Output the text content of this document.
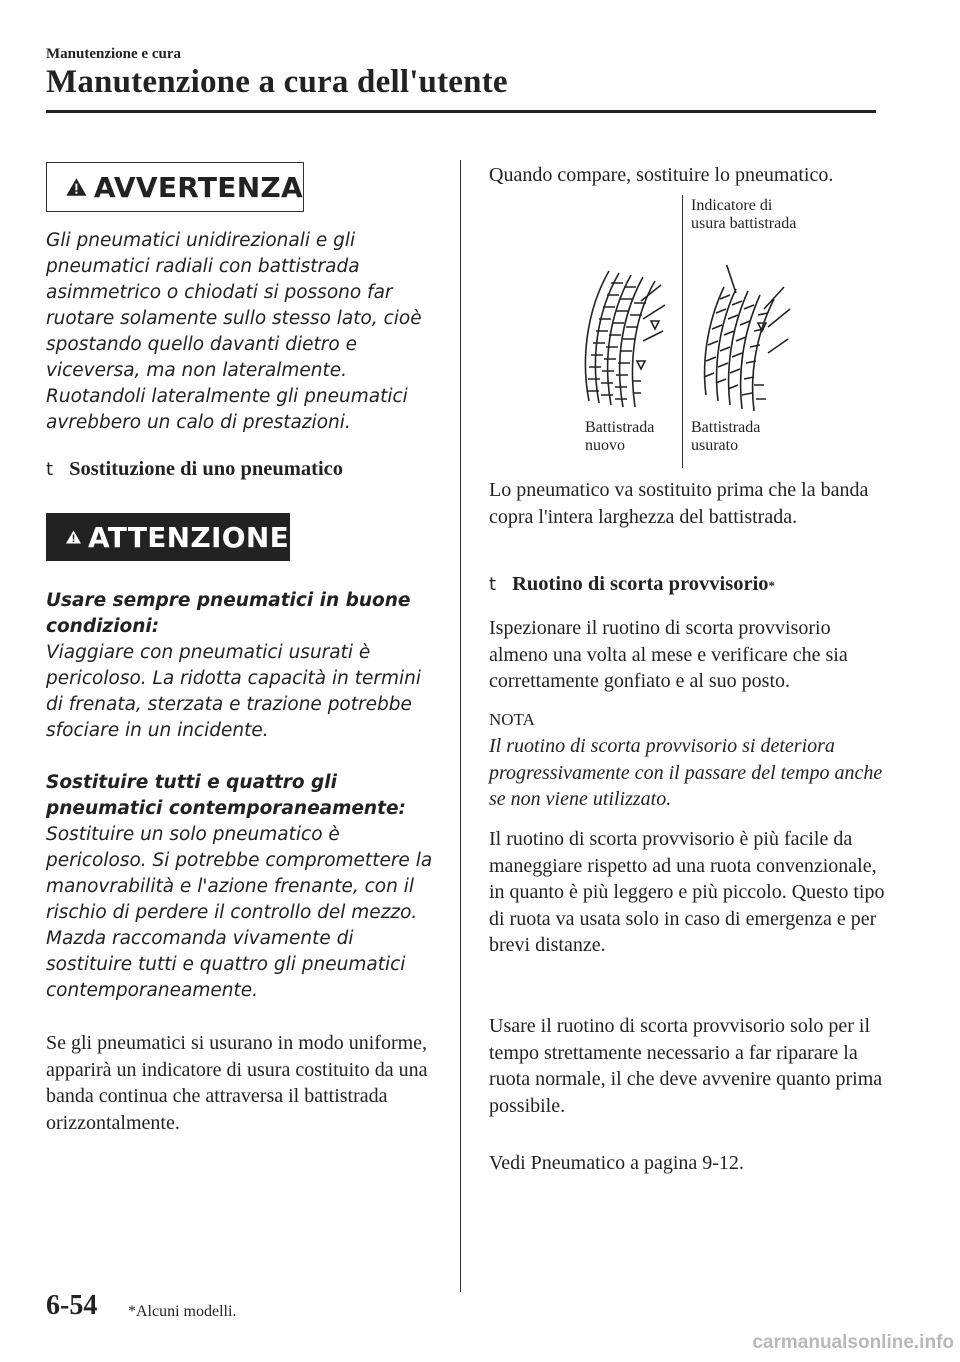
Manutenzione e cura
Manutenzione a cura dell'utente
AVVERTENZA

Gli pneumatici unidirezionali e gli pneumatici radiali con battistrada asimmetrico o chiodati si possono far ruotare solamente sullo stesso lato, cioè spostando quello davanti dietro e viceversa, ma non lateralmente. Ruotandoli lateralmente gli pneumatici avrebbero un calo di prestazioni.

t Sostituzione di uno pneumatico
ATTENZIONE

Usare sempre pneumatici in buone condizioni:

Viaggiare con pneumatici usurati è pericoloso. La ridotta capacità in termini di frenata, sterzata e trazione potrebbe sfociare in un incidente.

Sostituire tutti e quattro gli pneumatici contemporaneamente:

Sostituire un solo pneumatico è pericoloso. Si potrebbe compromettere la manovrabilità e l'azione frenante, con il rischio di perdere il controllo del mezzo. Mazda raccomanda vivamente di sostituire tutti e quattro gli pneumatici contemporaneamente.

Se gli pneumatici si usurano in modo uniforme, apparirà un indicatore di usura costituito da una banda continua che attraversa il battistrada orizzontalmente.

Quando compare, sostituire lo pneumatico.

Indicatore di usura battistrada
Battistrada nuovo
Battistrada usurato

Lo pneumatico va sostituito prima che la banda copra l'intera larghezza del battistrada.

t Ruotino di scorta provvisorio *

Ispezionare il ruotino di scorta provvisorio almeno una volta al mese e verificare che sia correttamente gonfiato e al suo posto.

NOTA

Il ruotino di scorta provvisorio si deteriora progressivamente con il passare del tempo anche se non viene utilizzato.

Il ruotino di scorta provvisorio è più facile da maneggiare rispetto ad una ruota convenzionale, in quanto è più leggero e più piccolo. Questo tipo di ruota va usata solo in caso di emergenza e per brevi distanze.

Usare il ruotino di scorta provvisorio solo per il tempo strettamente necessario a far riparare la ruota normale, il che deve avvenire quanto prima possibile.

Vedi Pneumatico a pagina 9-12.

6-54 *Alcuni modelli.
carmanualsonline.info
